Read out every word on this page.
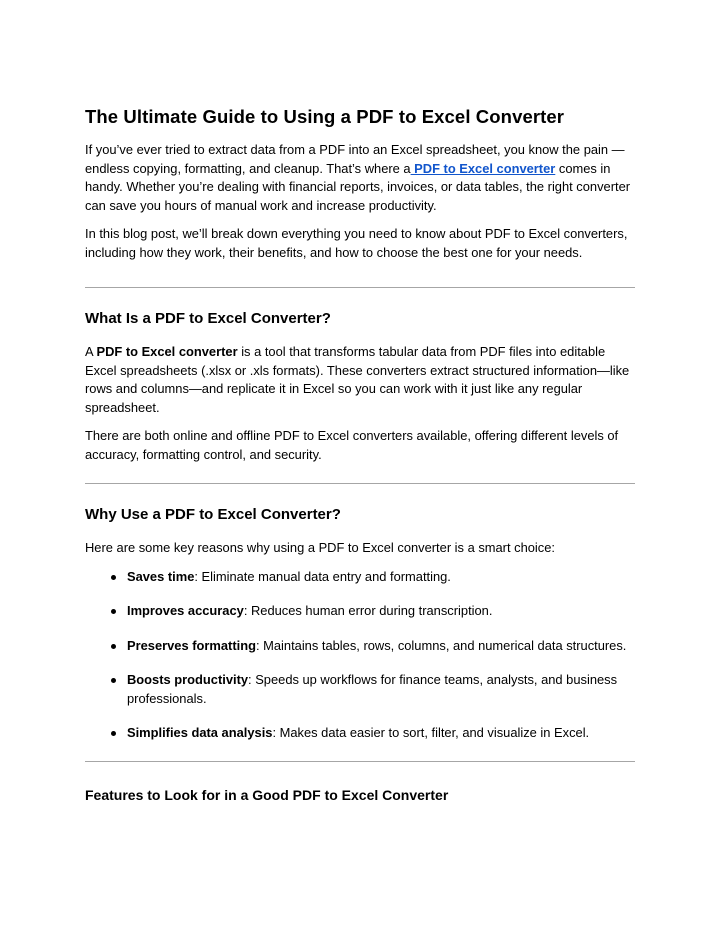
The Ultimate Guide to Using a PDF to Excel Converter

If you’ve ever tried to extract data from a PDF into an Excel spreadsheet, you know the pain — endless copying, formatting, and cleanup. That’s where a PDF to Excel converter comes in handy. Whether you’re dealing with financial reports, invoices, or data tables, the right converter can save you hours of manual work and increase productivity.

In this blog post, we’ll break down everything you need to know about PDF to Excel converters, including how they work, their benefits, and how to choose the best one for your needs.

What Is a PDF to Excel Converter?

A PDF to Excel converter is a tool that transforms tabular data from PDF files into editable Excel spreadsheets (.xlsx or .xls formats). These converters extract structured information—like rows and columns—and replicate it in Excel so you can work with it just like any regular spreadsheet.

There are both online and offline PDF to Excel converters available, offering different levels of accuracy, formatting control, and security.

Why Use a PDF to Excel Converter?

Here are some key reasons why using a PDF to Excel converter is a smart choice:

Saves time: Eliminate manual data entry and formatting.
Improves accuracy: Reduces human error during transcription.
Preserves formatting: Maintains tables, rows, columns, and numerical data structures.
Boosts productivity: Speeds up workflows for finance teams, analysts, and business professionals.
Simplifies data analysis: Makes data easier to sort, filter, and visualize in Excel.
Features to Look for in a Good PDF to Excel Converter
